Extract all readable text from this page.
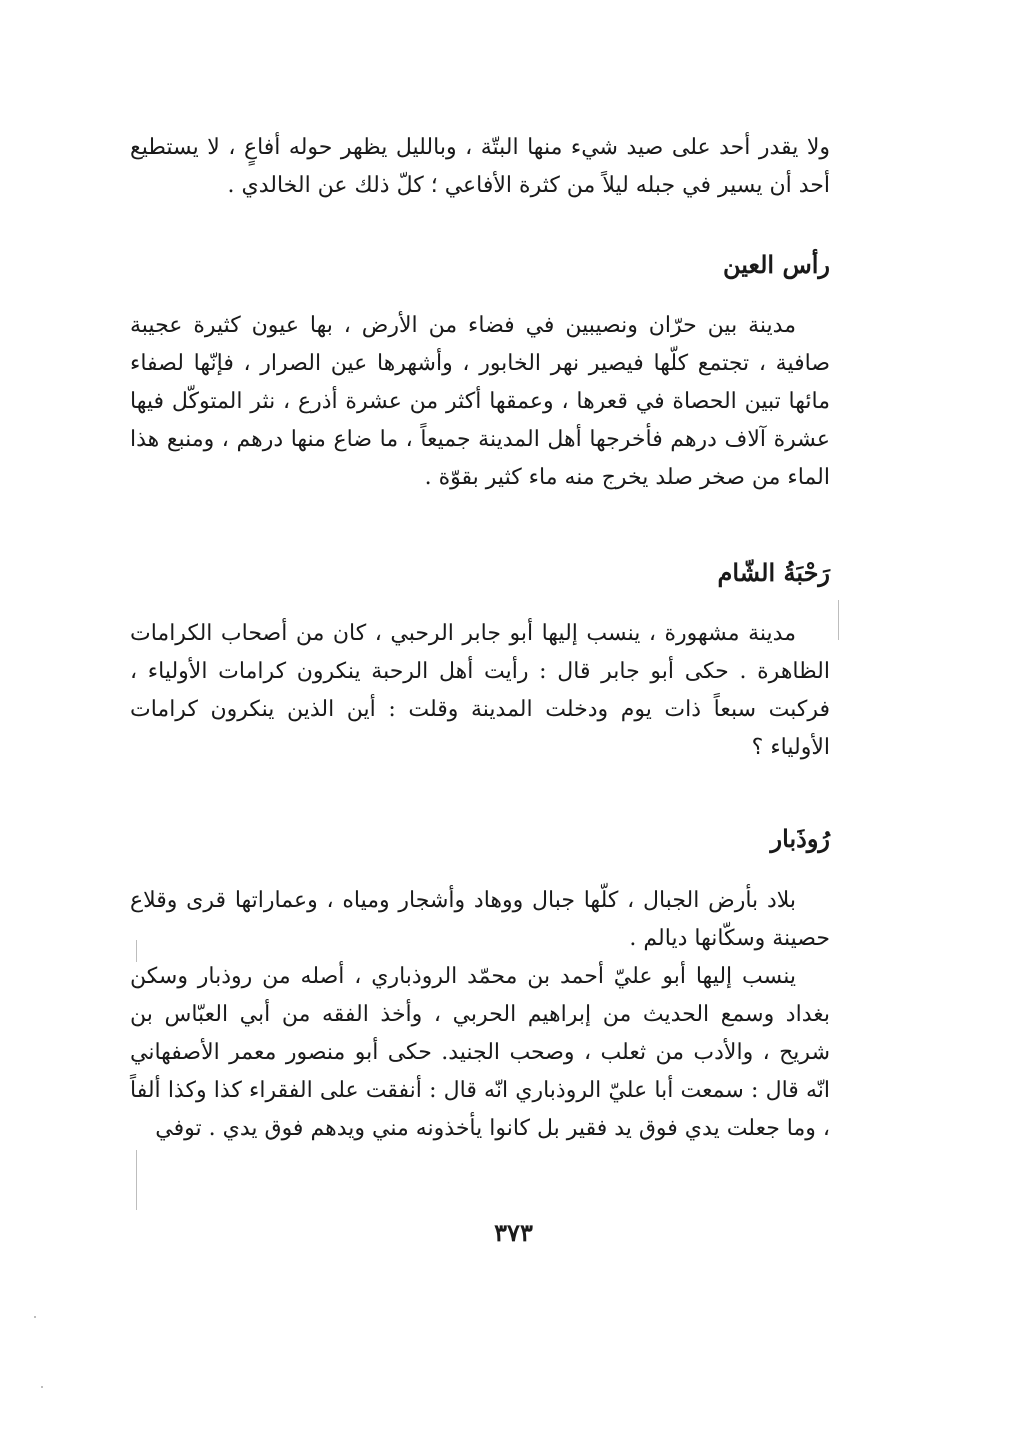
ولا يقدر أحد على صيد شيء منها البتّة ، وبالليل يظهر حوله أفاعٍ ، لا يستطيع أحد أن يسير في جبله ليلاً من كثرة الأفاعي ؛ كلّ ذلك عن الخالدي .

رأس العين

مدينة بين حرّان ونصيبين في فضاء من الأرض ، بها عيون كثيرة عجيبة صافية ، تجتمع كلّها فيصير نهر الخابور ، وأشهرها عين الصرار ، فإنّها لصفاء مائها تبين الحصاة في قعرها ، وعمقها أكثر من عشرة أذرع ، نثر المتوكّل فيها عشرة آلاف درهم فأخرجها أهل المدينة جميعاً ، ما ضاع منها درهم ، ومنبع هذا الماء من صخر صلد يخرج منه ماء كثير بقوّة .

رَحْبَةُ الشّام

مدينة مشهورة ، ينسب إليها أبو جابر الرحبي ، كان من أصحاب الكرامات الظاهرة . حكى أبو جابر قال : رأيت أهل الرحبة ينكرون كرامات الأولياء ، فركبت سبعاً ذات يوم ودخلت المدينة وقلت : أين الذين ينكرون كرامات الأولياء ؟

رُوذَبار

بلاد بأرض الجبال ، كلّها جبال ووهاد وأشجار ومياه ، وعماراتها قرى وقلاع حصينة وسكّانها ديالم .

ينسب إليها أبو عليّ أحمد بن محمّد الروذباري ، أصله من روذبار وسكن بغداد وسمع الحديث من إبراهيم الحربي ، وأخذ الفقه من أبي العبّاس بن شريح ، والأدب من ثعلب ، وصحب الجنيد. حكى أبو منصور معمر الأصفهاني انّه قال : سمعت أبا عليّ الروذباري انّه قال : أنفقت على الفقراء كذا وكذا ألفاً ، وما جعلت يدي فوق يد فقير بل كانوا يأخذونه مني ويدهم فوق يدي . توفي

٣٧٣
